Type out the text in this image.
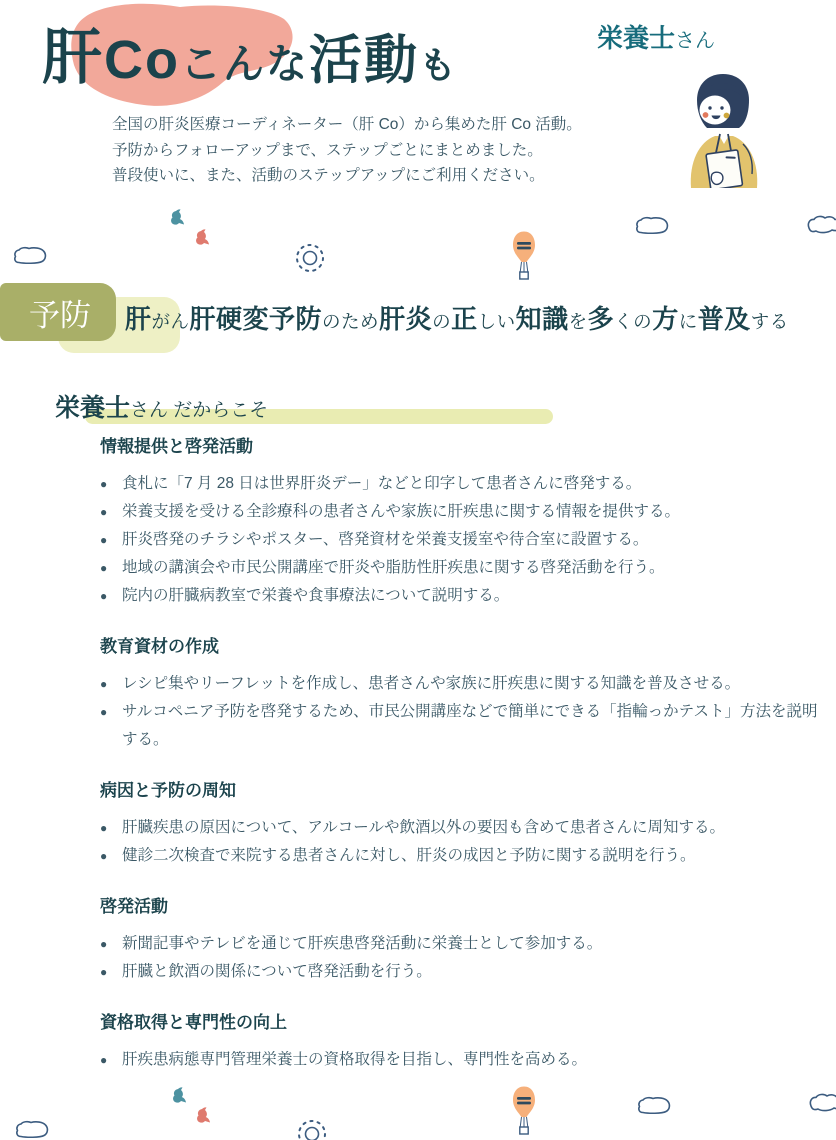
肝 Co こんな 活動 も
栄養士さん
全国の肝炎医療コーディネーター（肝 Co）から集めた肝 Co 活動。
予防からフォローアップまで、ステップごとにまとめました。
普段使いに、また、活動のステップアップにご利用ください。
予防	肝 がん 肝硬変予防 のため 肝炎 の 正 しい 知識 を 多 くの 方 に 普及 する
栄養士さん だからこそ
情報提供と啓発活動
● 食札に「7 月 28 日は世界肝炎デー」などと印字して患者さんに啓発する。
● 栄養支援を受ける全診療科の患者さんや家族に肝疾患に関する情報を提供する。
● 肝炎啓発のチラシやポスター、啓発資材を栄養支援室や待合室に設置する。
● 地域の講演会や市民公開講座で肝炎や脂肪性肝疾患に関する啓発活動を行う。
● 院内の肝臓病教室で栄養や食事療法について説明する。
教育資材の作成
● レシピ集やリーフレットを作成し、患者さんや家族に肝疾患に関する知識を普及させる。
● サルコペニア予防を啓発するため、市民公開講座などで簡単にできる「指輪っかテスト」方法を説明する。
病因と予防の周知
● 肝臓疾患の原因について、アルコールや飲酒以外の要因も含めて患者さんに周知する。
● 健診二次検査で来院する患者さんに対し、肝炎の成因と予防に関する説明を行う。
啓発活動
● 新聞記事やテレビを通じて肝疾患啓発活動に栄養士として参加する。
● 肝臓と飲酒の関係について啓発活動を行う。
資格取得と専門性の向上
● 肝疾患病態専門管理栄養士の資格取得を目指し、専門性を高める。
